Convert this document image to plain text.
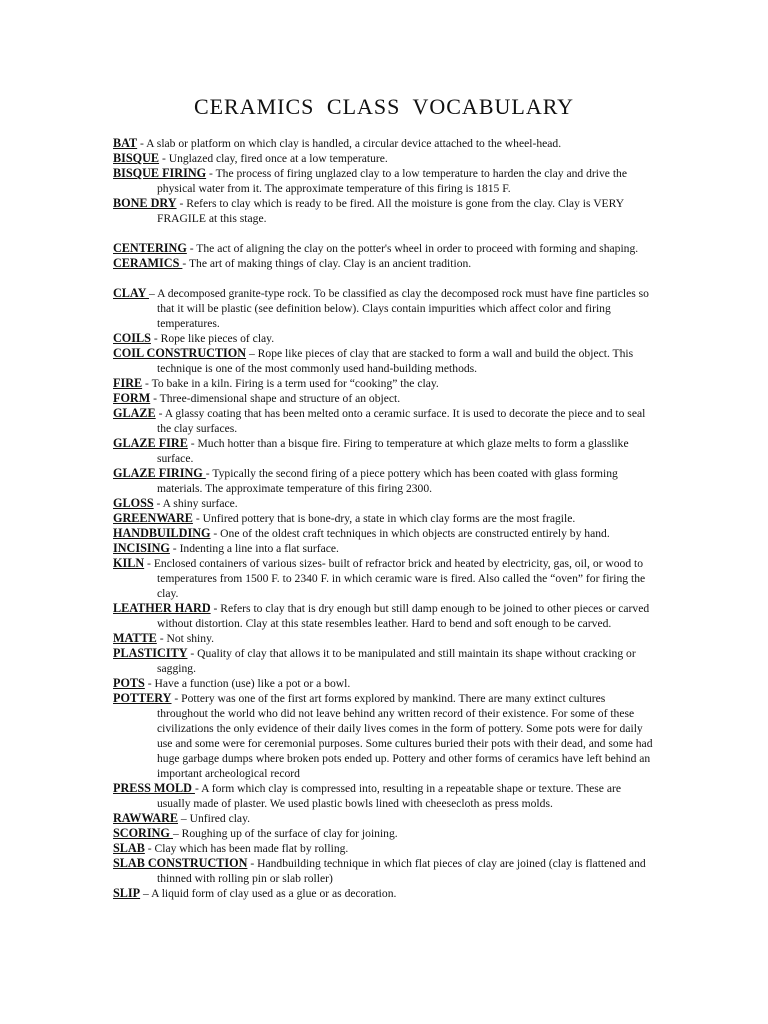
CERAMICS CLASS VOCABULARY

BAT - A slab or platform on which clay is handled, a circular device attached to the wheel-head.

BISQUE - Unglazed clay, fired once at a low temperature.

BISQUE FIRING - The process of firing unglazed clay to a low temperature to harden the clay and drive the physical water from it. The approximate temperature of this firing is 1815 F.

BONE DRY - Refers to clay which is ready to be fired. All the moisture is gone from the clay. Clay is VERY FRAGILE at this stage.

CENTERING - The act of aligning the clay on the potter's wheel in order to proceed with forming and shaping.

CERAMICS - The art of making things of clay. Clay is an ancient tradition.

CLAY – A decomposed granite-type rock. To be classified as clay the decomposed rock must have fine particles so that it will be plastic (see definition below). Clays contain impurities which affect color and firing temperatures.

COILS - Rope like pieces of clay.

COIL CONSTRUCTION – Rope like pieces of clay that are stacked to form a wall and build the object. This technique is one of the most commonly used hand-building methods.

FIRE - To bake in a kiln. Firing is a term used for “cooking” the clay.

FORM - Three-dimensional shape and structure of an object.

GLAZE - A glassy coating that has been melted onto a ceramic surface. It is used to decorate the piece and to seal the clay surfaces.

GLAZE FIRE - Much hotter than a bisque fire. Firing to temperature at which glaze melts to form a glasslike surface.

GLAZE FIRING - Typically the second firing of a piece pottery which has been coated with glass forming materials. The approximate temperature of this firing 2300.

GLOSS - A shiny surface.

GREENWARE - Unfired pottery that is bone-dry, a state in which clay forms are the most fragile.

HANDBUILDING - One of the oldest craft techniques in which objects are constructed entirely by hand.

INCISING - Indenting a line into a flat surface.

KILN - Enclosed containers of various sizes- built of refractor brick and heated by electricity, gas, oil, or wood to temperatures from 1500 F. to 2340 F. in which ceramic ware is fired. Also called the “oven” for firing the clay.

LEATHER HARD - Refers to clay that is dry enough but still damp enough to be joined to other pieces or carved without distortion. Clay at this state resembles leather. Hard to bend and soft enough to be carved.

MATTE - Not shiny.

PLASTICITY - Quality of clay that allows it to be manipulated and still maintain its shape without cracking or sagging.

POTS - Have a function (use) like a pot or a bowl.

POTTERY - Pottery was one of the first art forms explored by mankind. There are many extinct cultures throughout the world who did not leave behind any written record of their existence. For some of these civilizations the only evidence of their daily lives comes in the form of pottery. Some pots were for daily use and some were for ceremonial purposes. Some cultures buried their pots with their dead, and some had huge garbage dumps where broken pots ended up. Pottery and other forms of ceramics have left behind an important archeological record

PRESS MOLD - A form which clay is compressed into, resulting in a repeatable shape or texture. These are usually made of plaster. We used plastic bowls lined with cheesecloth as press molds.

RAWWARE – Unfired clay.

SCORING – Roughing up of the surface of clay for joining.

SLAB - Clay which has been made flat by rolling.

SLAB CONSTRUCTION - Handbuilding technique in which flat pieces of clay are joined (clay is flattened and thinned with rolling pin or slab roller)

SLIP – A liquid form of clay used as a glue or as decoration.
